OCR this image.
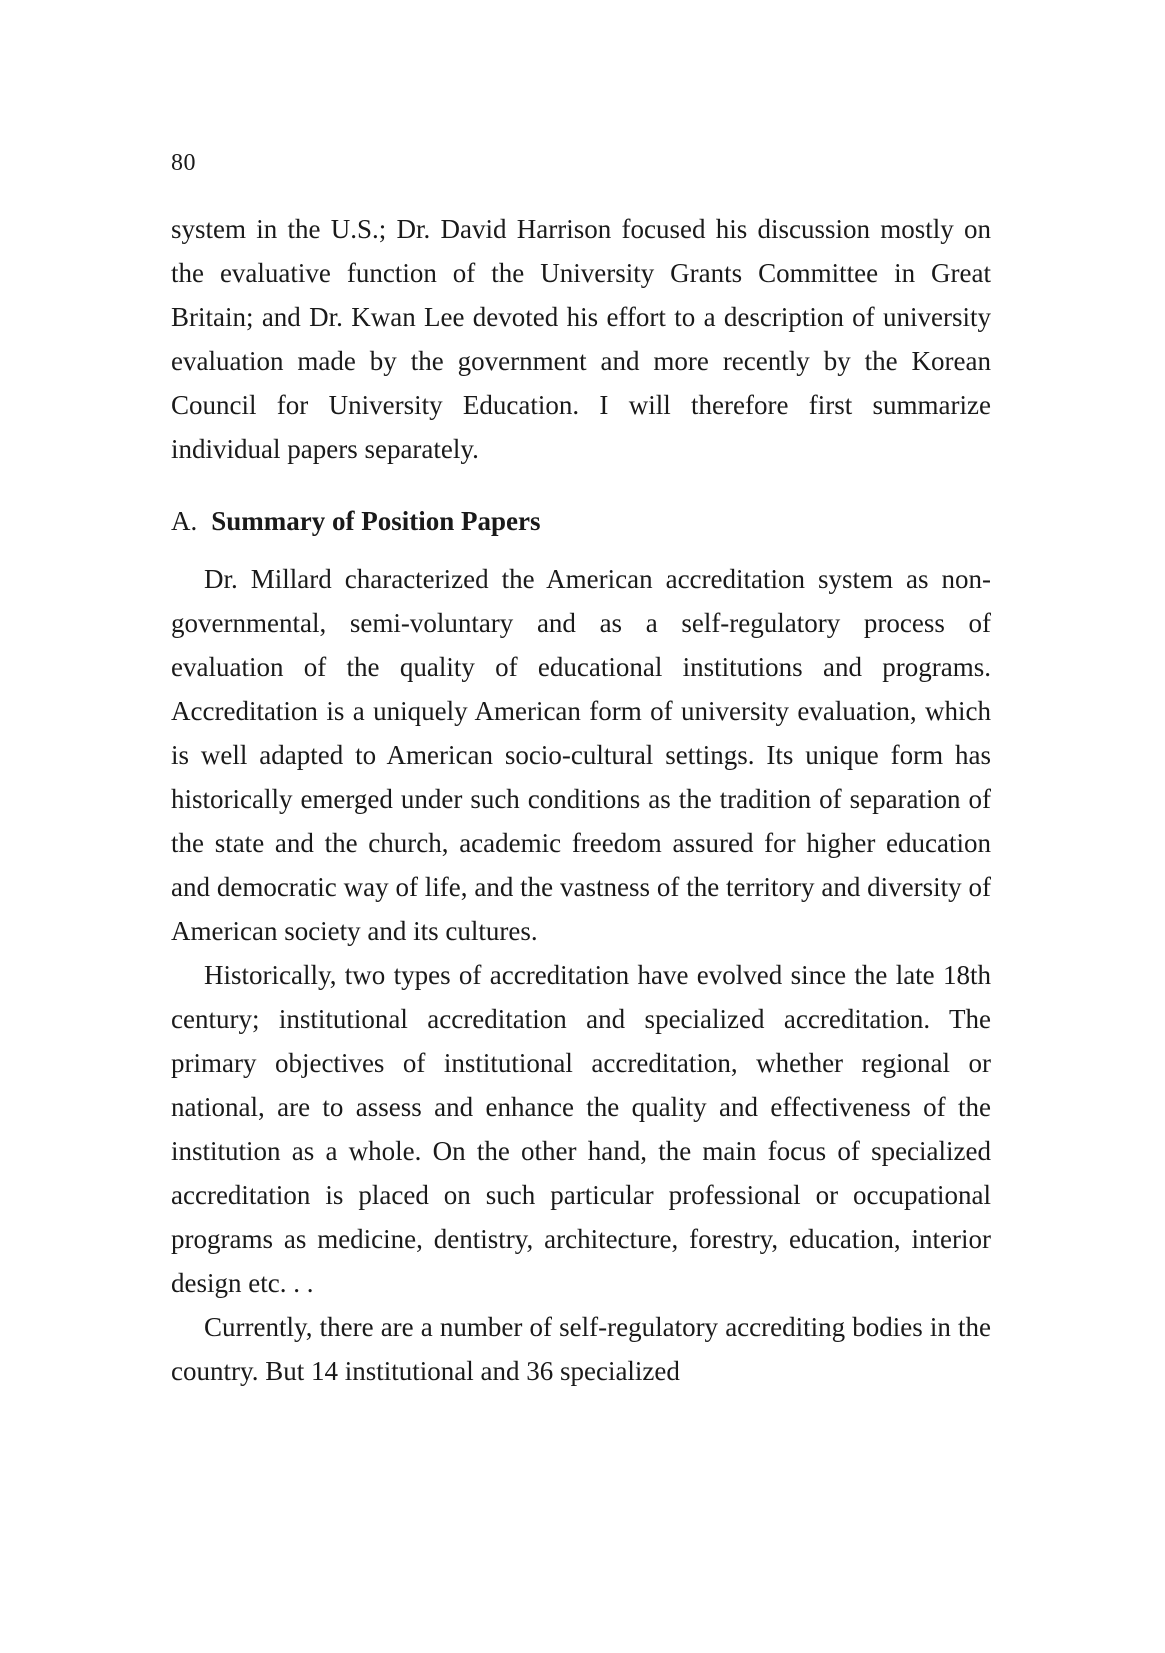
80

system in the U.S.; Dr. David Harrison focused his discussion mostly on the evaluative function of the University Grants Committee in Great Britain; and Dr. Kwan Lee devoted his effort to a description of university evaluation made by the government and more recently by the Korean Council for University Education. I will therefore first summarize individual papers separately.

A. Summary of Position Papers

Dr. Millard characterized the American accreditation system as non-governmental, semi-voluntary and as a self-regulatory process of evaluation of the quality of educational institutions and programs. Accreditation is a uniquely American form of university evaluation, which is well adapted to American socio-cultural settings. Its unique form has historically emerged under such conditions as the tradition of separation of the state and the church, academic freedom assured for higher education and democratic way of life, and the vastness of the territory and diversity of American society and its cultures.

Historically, two types of accreditation have evolved since the late 18th century; institutional accreditation and specialized accreditation. The primary objectives of institutional accreditation, whether regional or national, are to assess and enhance the quality and effectiveness of the institution as a whole. On the other hand, the main focus of specialized accreditation is placed on such particular professional or occupational programs as medicine, dentistry, architecture, forestry, education, interior design etc. . .

Currently, there are a number of self-regulatory accrediting bodies in the country. But 14 institutional and 36 specialized
